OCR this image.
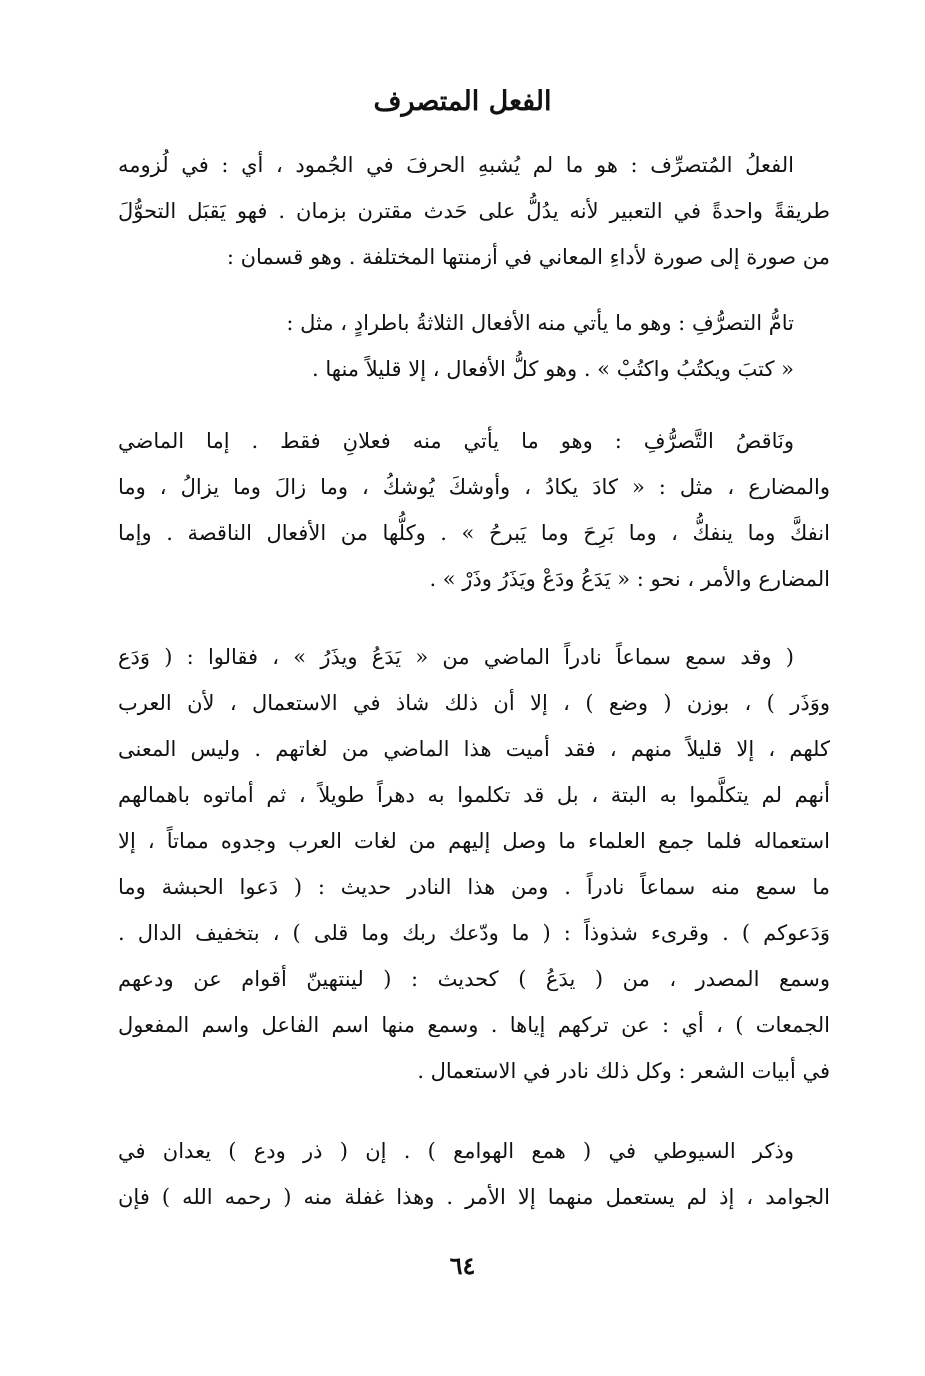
الفعل المتصرف
الفعلُ المُتصرِّف : هو ما لم يُشبهِ الحرفَ في الجُمود ، أي : في لُزومه
طريقةً واحدةً في التعبير لأنه يدُلُّ على حَدث مقترن بزمان . فهو يَقبَل التحوُّلَ
من صورة إلى صورة لأداءِ المعاني في أزمنتها المختلفة . وهو قسمان :
تامُّ التصرُّفِ : وهو ما يأتي منه الأفعال الثلاثةُ باطرادٍ ، مثل :
« كتبَ ويكتُبُ واكتُبْ » . وهو كلُّ الأفعال ، إلا قليلاً منها .
ونَاقصُ التَّصرُّفِ : وهو ما يأتي منه فعلانِ فقط . إما الماضي
والمضارع ، مثل : « كادَ يكادُ ، وأوشكَ يُوشكُ ، وما زالَ وما يزالُ ، وما
انفكَّ وما ينفكُّ ، وما بَرِحَ وما يَبرحُ » . وكلُّها من الأفعال الناقصة . وإما
المضارع والأمر ، نحو : « يَدَعُ ودَعْ ويَذَرُ وذَرْ » .
( وقد سمع سماعاً نادراً الماضي من « يَدَعُ ويذَرُ » ، فقالوا : ( وَدَع
ووَذَر ) ، بوزن ( وضع ) ، إلا أن ذلك شاذ في الاستعمال ، لأن العرب
كلهم ، إلا قليلاً منهم ، فقد أميت هذا الماضي من لغاتهم . وليس المعنى
أنهم لم يتكلَّموا به البتة ، بل قد تكلموا به دهراً طويلاً ، ثم أماتوه باهمالهم
استعماله فلما جمع العلماء ما وصل إليهم من لغات العرب وجدوه مماتاً ، إلا
ما سمع منه سماعاً نادراً . ومن هذا النادر حديث : ( دَعوا الحبشة وما
وَدَعوكم ) . وقرىء شذوذاً : ( ما ودّعك ربك وما قلى ) ، بتخفيف الدال .
وسمع المصدر ، من ( يدَعُ ) كحديث : ( لينتهينّ أقوام عن ودعهم
الجمعات ) ، أي : عن تركهم إياها . وسمع منها اسم الفاعل واسم المفعول
في أبيات الشعر : وكل ذلك نادر في الاستعمال .
وذكر السيوطي في ( همع الهوامع ) . إن ( ذر ودع ) يعدان في
الجوامد ، إذ لم يستعمل منهما إلا الأمر . وهذا غفلة منه ( رحمه الله ) فإن
٦٤
